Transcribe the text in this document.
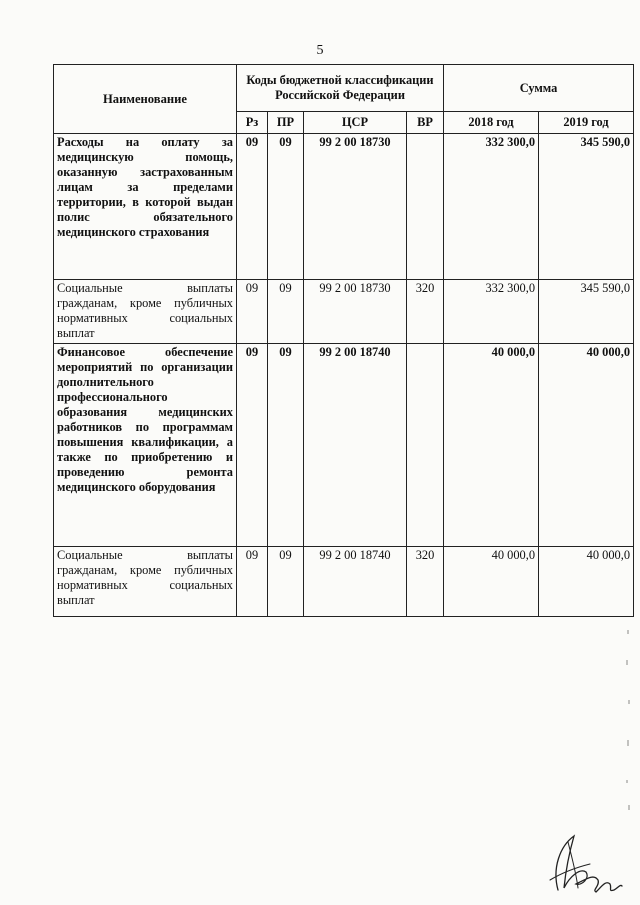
5
Наименование	Коды бюджетной классификации Российской Федерации				Сумма	
	Рз	ПР	ЦСР	ВР	2018 год	2019 год
Расходы на оплату за медицинскую помощь, оказанную застрахованным лицам за пределами территории, в которой выдан полис обязательного медицинского страхования	09	09	99 2 00 18730		332 300,0	345 590,0
Социальные выплаты гражданам, кроме публичных нормативных социальных выплат	09	09	99 2 00 18730	320	332 300,0	345 590,0
Финансовое обеспечение мероприятий по организации дополнительного профессионального образования медицинских работников по программам повышения квалификации, а также по приобретению и проведению ремонта медицинского оборудования	09	09	99 2 00 18740		40 000,0	40 000,0
Социальные выплаты гражданам, кроме публичных нормативных социальных выплат	09	09	99 2 00 18740	320	40 000,0	40 000,0
